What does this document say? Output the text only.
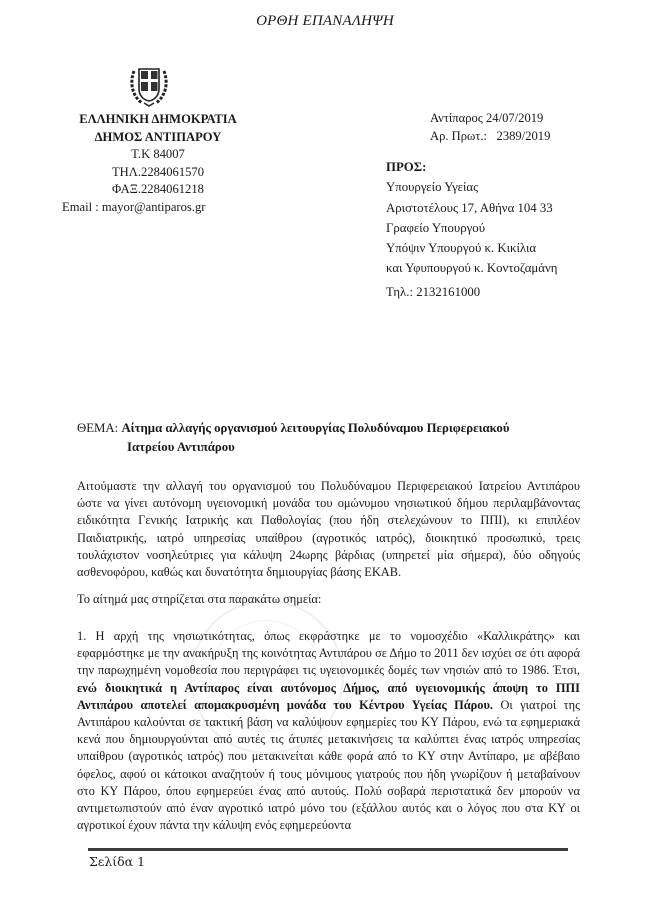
ΟΡΘΗ ΕΠΑΝΑΛΗΨΗ
ΕΛΛΗΝΙΚΗ ΔΗΜΟΚΡΑΤΙΑ
ΔΗΜΟΣ ΑΝΤΙΠΑΡΟΥ
Τ.Κ 84007
ΤΗΛ.2284061570
ΦΑΞ.2284061218
Email : mayor@antiparos.gr
Αντίπαρος 24/07/2019
Αρ. Πρωτ.: 2389/2019
ΠΡΟΣ:
Υπουργείο Υγείας
Αριστοτέλους 17, Αθήνα 104 33
Γραφείο Υπουργού
Υπόψιν Υπουργού κ. Κικίλια
και Υφυπουργού κ. Κοντοζαμάνη
Τηλ.: 2132161000
ΘΕΜΑ: Αίτημα αλλαγής οργανισμού λειτουργίας Πολυδύναμου Περιφερειακού
Ιατρείου Αντιπάρου
Αιτούμαστε την αλλαγή του οργανισμού του Πολυδύναμου Περιφερειακού Ιατρείου Αντιπάρου ώστε να γίνει αυτόνομη υγειονομική μονάδα του ομώνυμου νησιωτικού δήμου περιλαμβάνοντας ειδικότητα Γενικής Ιατρικής και Παθολογίας (που ήδη στελεχώνουν το ΠΠΙ), κι επιπλέον Παιδιατρικής, ιατρό υπηρεσίας υπαίθρου (αγροτικός ιατρός), διοικητικό προσωπικό, τρεις τουλάχιστον νοσηλεύτριες για κάλυψη 24ωρης βάρδιας (υπηρετεί μία σήμερα), δύο οδηγούς ασθενοφόρου, καθώς και δυνατότητα δημιουργίας βάσης ΕΚΑΒ.
Το αίτημά μας στηρίζεται στα παρακάτω σημεία:
1. Η αρχή της νησιωτικότητας, όπως εκφράστηκε με το νομοσχέδιο «Καλλικράτης» και εφαρμόστηκε με την ανακήρυξη της κοινότητας Αντιπάρου σε Δήμο το 2011 δεν ισχύει σε ότι αφορά την παρωχημένη νομοθεσία που περιγράφει τις υγειονομικές δομές των νησιών από το 1986. Έτσι, ενώ διοικητικά η Αντίπαρος είναι αυτόνομος Δήμος, από υγειονομικής άποψη το ΠΠΙ Αντιπάρου αποτελεί απομακρυσμένη μονάδα του Κέντρου Υγείας Πάρου. Οι γιατροί της Αντιπάρου καλούνται σε τακτική βάση να καλύψουν εφημερίες του ΚΥ Πάρου, ενώ τα εφημεριακά κενά που δημιουργούνται από αυτές τις άτυπες μετακινήσεις τα καλύπτει ένας ιατρός υπηρεσίας υπαίθρου (αγροτικός ιατρός) που μετακινείται κάθε φορά από το ΚΥ στην Αντίπαρο, με αβέβαιο όφελος, αφού οι κάτοικοι αναζητούν ή τους μόνιμους γιατρούς που ήδη γνωρίζουν ή μεταβαίνουν στο ΚΥ Πάρου, όπου εφημερεύει ένας από αυτούς. Πολύ σοβαρά περιστατικά δεν μπορούν να αντιμετωπιστούν από έναν αγροτικό ιατρό μόνο του (εξάλλου αυτός και ο λόγος που στα ΚΥ οι αγροτικοί έχουν πάντα την κάλυψη ενός εφημερεύοντα
Σελίδα 1
